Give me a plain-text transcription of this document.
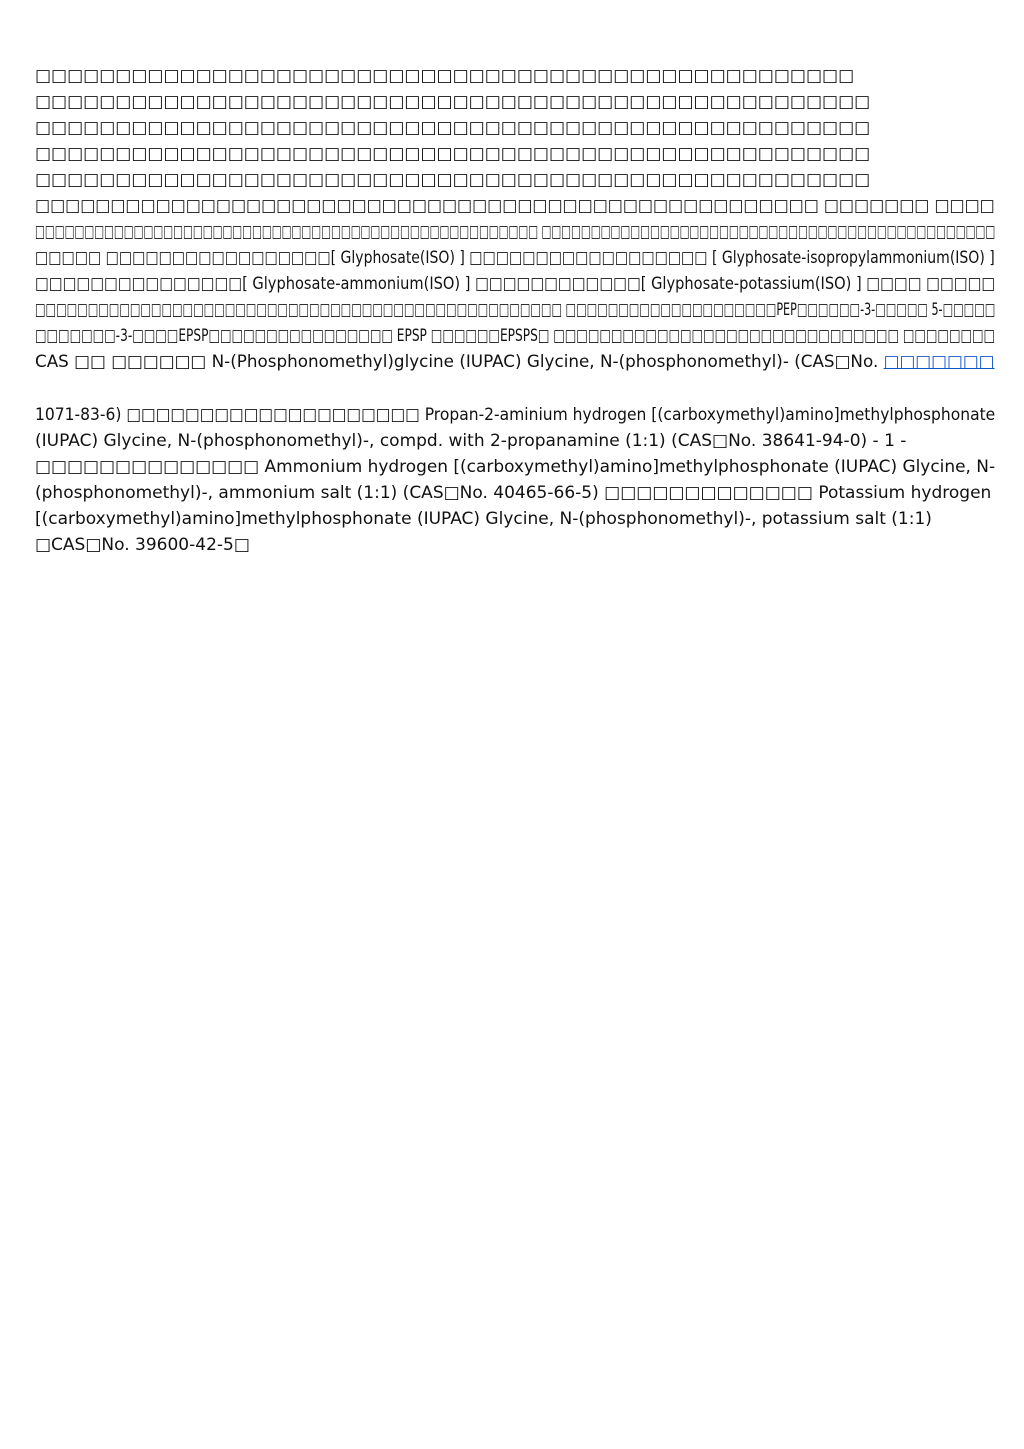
□□□□□□□□□□□□□□□□□□□□□□□□□□□□□□□□□□□□□□□□□□□□□□□□□□□
□□□□□□□□□□□□□□□□□□□□□□□□□□□□□□□□□□□□□□□□□□□□□□□□□□□□
□□□□□□□□□□□□□□□□□□□□□□□□□□□□□□□□□□□□□□□□□□□□□□□□□□□□
□□□□□□□□□□□□□□□□□□□□□□□□□□□□□□□□□□□□□□□□□□□□□□□□□□□□
□□□□□□□□□□□□□□□□□□□□□□□□□□□□□□□□□□□□□□□□□□□□□□□□□□□□
□□□□□□□□□□□□□□□□□□□□□□□□□□□□□□□□□□□□□□□□□□□□□□□□□□□□ □□□□□□□ □□□□
□□□□□□□□□□□□□□□□□□□□□□□□□□□□□□□□□□□□□□□□□□□□□□□□□□□ □□□□□□□□□□□□□□□□□□□□□□□□□□□□□□□□□□□□□□□□□□□□□□
□□□□□ □□□□□□□□□□□□□□□□□[ Glyphosate(ISO) ] □□□□□□□□□□□□□□□□□□ [ Glyphosate-isopropylammonium(ISO) ]
□□□□□□□□□□□□□□□[ Glyphosate-ammonium(ISO) ] □□□□□□□□□□□□[ Glyphosate-potassium(ISO) ] □□□□ □□□□□
□□□□□□□□□□□□□□□□□□□□□□□□□□□□□□□□□□□□□□□□□□□□□□□□□□ □□□□□□□□□□□□□□□□□□□□PEP□□□□□□-3-□□□□□ 5-□□□□□
□□□□□□□-3-□□□□EPSP□□□□□□□□□□□□□□□□ EPSP □□□□□□EPSPS□ □□□□□□□□□□□□□□□□□□□□□□□□□□□□□□ □□□□□□□□
CAS □□ □□□□□□ N-(Phosphonomethyl)glycine (IUPAC) Glycine, N-(phosphonomethyl)- (CAS□No. □□□□□□□
1071-83-6) □□□□□□□□□□□□□□□□□□□□ Propan-2-aminium hydrogen [(carboxymethyl)amino]methylphosphonate
(IUPAC) Glycine, N-(phosphonomethyl)-, compd. with 2-propanamine (1:1) (CAS□No. 38641-94-0) - 1 -
□□□□□□□□□□□□□□ Ammonium hydrogen [(carboxymethyl)amino]methylphosphonate (IUPAC) Glycine, N-
(phosphonomethyl)-, ammonium salt (1:1) (CAS□No. 40465-66-5) □□□□□□□□□□□□□ Potassium hydrogen
[(carboxymethyl)amino]methylphosphonate (IUPAC) Glycine, N-(phosphonomethyl)-, potassium salt (1:1)
□CAS□No. 39600-42-5□
